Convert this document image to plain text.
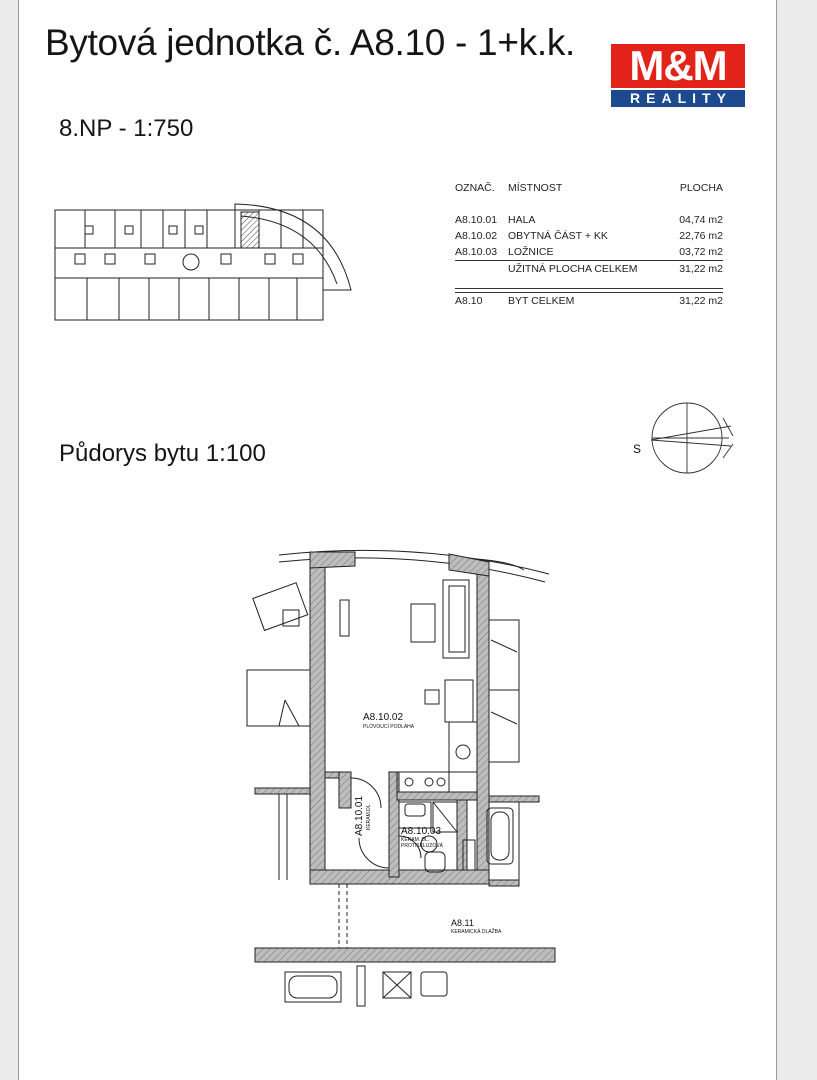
Bytová jednotka č. A8.10 - 1+k.k.	M&M
REALITY
8.NP - 1:750
OZNAČ. MÍSTNOST	PLOCHA
A8.10.01 HALA	04,74 m2
A8.10.02 OBYTNÁ ČÁST + KK	22,76 m2
A8.10.03 LOŽNICE	03,72 m2
UŽITNÁ PLOCHA CELKEM	31,22 m2
A8.10 BYT CELKEM	31,22 m2
S
Půdorys bytu 1:100
A8.10.02
PLOVOUCÍ PODLAHA
A8.10.01 KERAM.DL.
A8.10.03
KERAM. DL.
PROTISKLUZOVÁ
A8.11
KERAMICKÁ DLAŽBA
